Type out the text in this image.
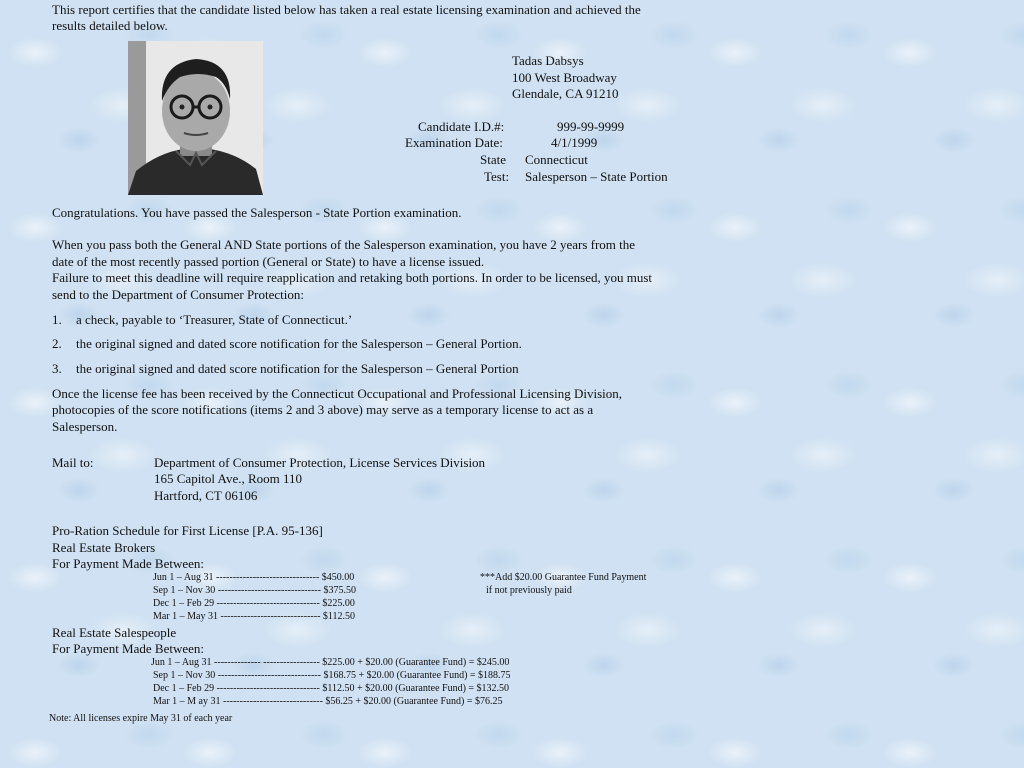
This report certifies that the candidate listed below has taken a real estate licensing examination and achieved the
results detailed below.
Tadas Dabsys
100 West Broadway
Glendale, CA 91210
Candidate I.D.#:	999-99-9999
Examination Date:	4/1/1999
State Connecticut
Test: Salesperson – State Portion
Congratulations. You have passed the Salesperson - State Portion examination.
When you pass both the General AND State portions of the Salesperson examination, you have 2 years from the
date of the most recently passed portion (General or State) to have a license issued.
Failure to meet this deadline will require reapplication and retaking both portions. In order to be licensed, you must
send to the Department of Consumer Protection:
1. a check, payable to ‘Treasurer, State of Connecticut.’
2. the original signed and dated score notification for the Salesperson – General Portion.
3. the original signed and dated score notification for the Salesperson – General Portion
Once the license fee has been received by the Connecticut Occupational and Professional Licensing Division,
photocopies of the score notifications (items 2 and 3 above) may serve as a temporary license to act as a
Salesperson.
Mail to:	Department of Consumer Protection, License Services Division
165 Capitol Ave., Room 110
Hartford, CT 06106
Pro-Ration Schedule for First License [P.A. 95-136]
Real Estate Brokers
For Payment Made Between:
Jun 1 – Aug 31 ------------------------------- $450.00
Sep 1 – Nov 30 ------------------------------- $375.50
Dec 1 – Feb 29 ------------------------------- $225.00
Mar 1 – May 31 ------------------------------ $112.50
***Add $20.00 Guarantee Fund Payment
if not previously paid
Real Estate Salespeople
For Payment Made Between:
Jun 1 – Aug 31 -------------- ----------------- $225.00 + $20.00 (Guarantee Fund) = $245.00
Sep 1 – Nov 30 ------------------------------- $168.75 + $20.00 (Guarantee Fund) = $188.75
Dec 1 – Feb 29 ------------------------------- $112.50 + $20.00 (Guarantee Fund) = $132.50
Mar 1 – M ay 31 ------------------------------ $56.25 + $20.00 (Guarantee Fund) = $76.25
Note: All licenses expire May 31 of each year
